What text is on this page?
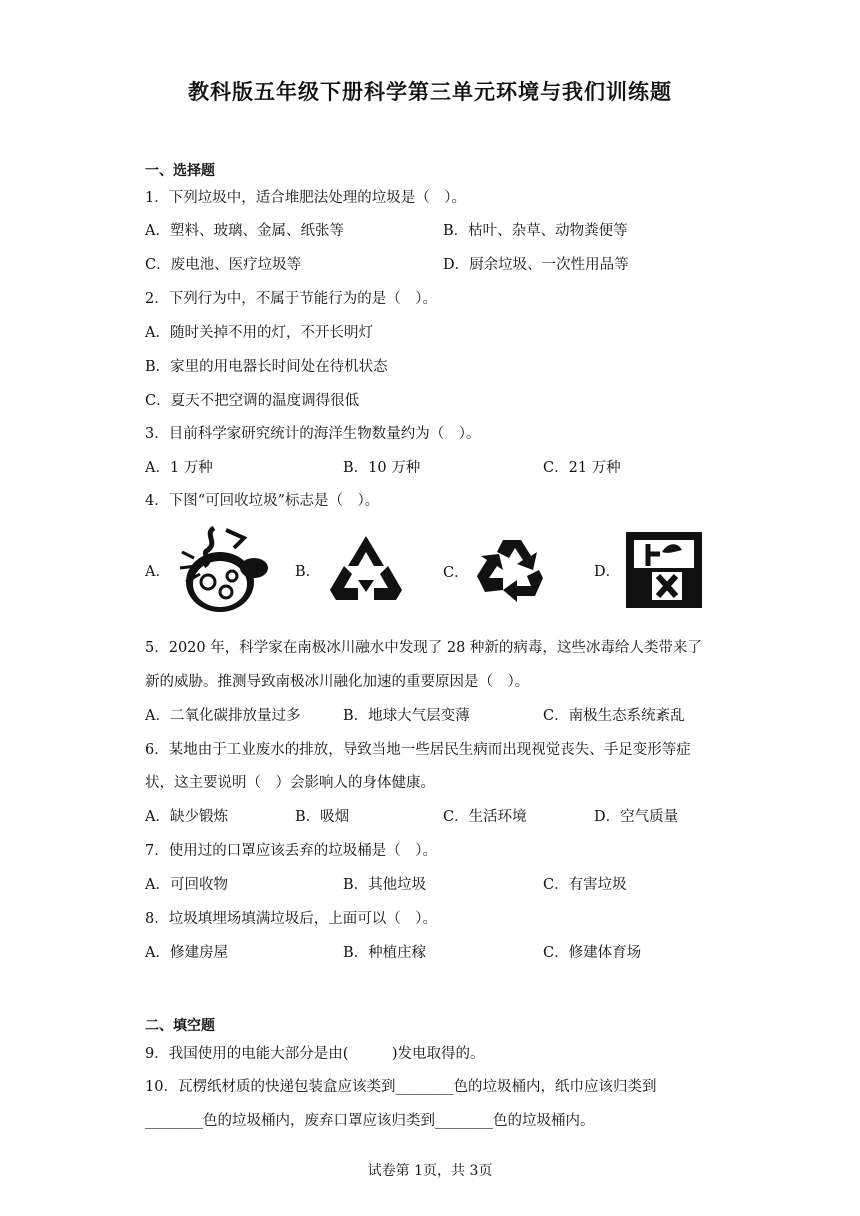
教科版五年级下册科学第三单元环境与我们训练题
一、选择题
1．下列垃圾中，适合堆肥法处理的垃圾是（　）。
A．塑料、玻璃、金属、纸张等	B．枯叶、杂草、动物粪便等
C．废电池、医疗垃圾等	D．厨余垃圾、一次性用品等
2．下列行为中，不属于节能行为的是（　）。
A．随时关掉不用的灯，不开长明灯
B．家里的用电器长时间处在待机状态
C．夏天不把空调的温度调得很低
3．目前科学家研究统计的海洋生物数量约为（　）。
A．1 万种	B．10 万种	C．21 万种
4．下图“可回收垃圾”标志是（　）。
A．	B．	C．	D．
5．2020 年，科学家在南极冰川融水中发现了 28 种新的病毒，这些冰毒给人类带来了
新的威胁。推测导致南极冰川融化加速的重要原因是（　）。
A．二氧化碳排放量过多	B．地球大气层变薄	C．南极生态系统紊乱
6．某地由于工业废水的排放，导致当地一些居民生病而出现视觉丧失、手足变形等症
状，这主要说明（　）会影响人的身体健康。
A．缺少锻炼	B．吸烟	C．生活环境	D．空气质量
7．使用过的口罩应该丢弃的垃圾桶是（　）。
A．可回收物	B．其他垃圾	C．有害垃圾
8．垃圾填埋场填满垃圾后，上面可以（　）。
A．修建房屋	B．种植庄稼	C．修建体育场
二、填空题
9．我国使用的电能大部分是由(　　　)发电取得的。
10．瓦楞纸材质的快递包装盒应该类到________色的垃圾桶内，纸巾应该归类到
________色的垃圾桶内，废弃口罩应该归类到________色的垃圾桶内。
试卷第 1页，共 3页
